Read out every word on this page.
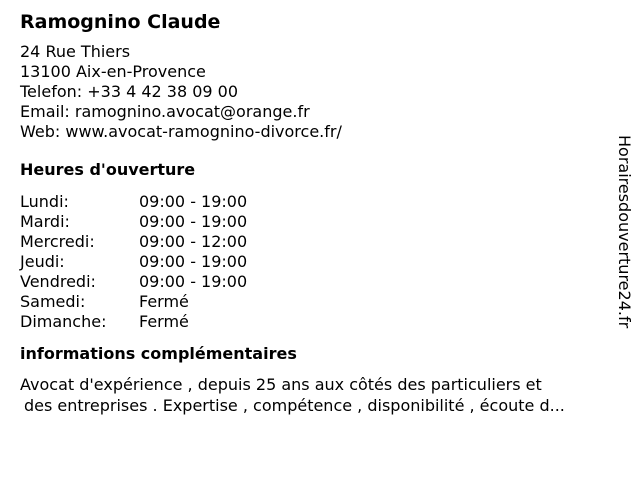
Ramognino Claude
24 Rue Thiers
13100 Aix-en-Provence
Telefon: +33 4 42 38 09 00
Email: ramognino.avocat@orange.fr
Web: www.avocat-ramognino-divorce.fr/
Heures d'ouverture
Lundi:	09:00 - 19:00
Mardi:	09:00 - 19:00
Mercredi:	09:00 - 12:00
Jeudi:	09:00 - 19:00
Vendredi:	09:00 - 19:00
Samedi:	Fermé
Dimanche:	Fermé
informations complémentaires
Avocat d'expérience , depuis 25 ans aux côtés des particuliers et
des entreprises . Expertise , compétence , disponibilité , écoute d...
Horairesdouverture24.fr
